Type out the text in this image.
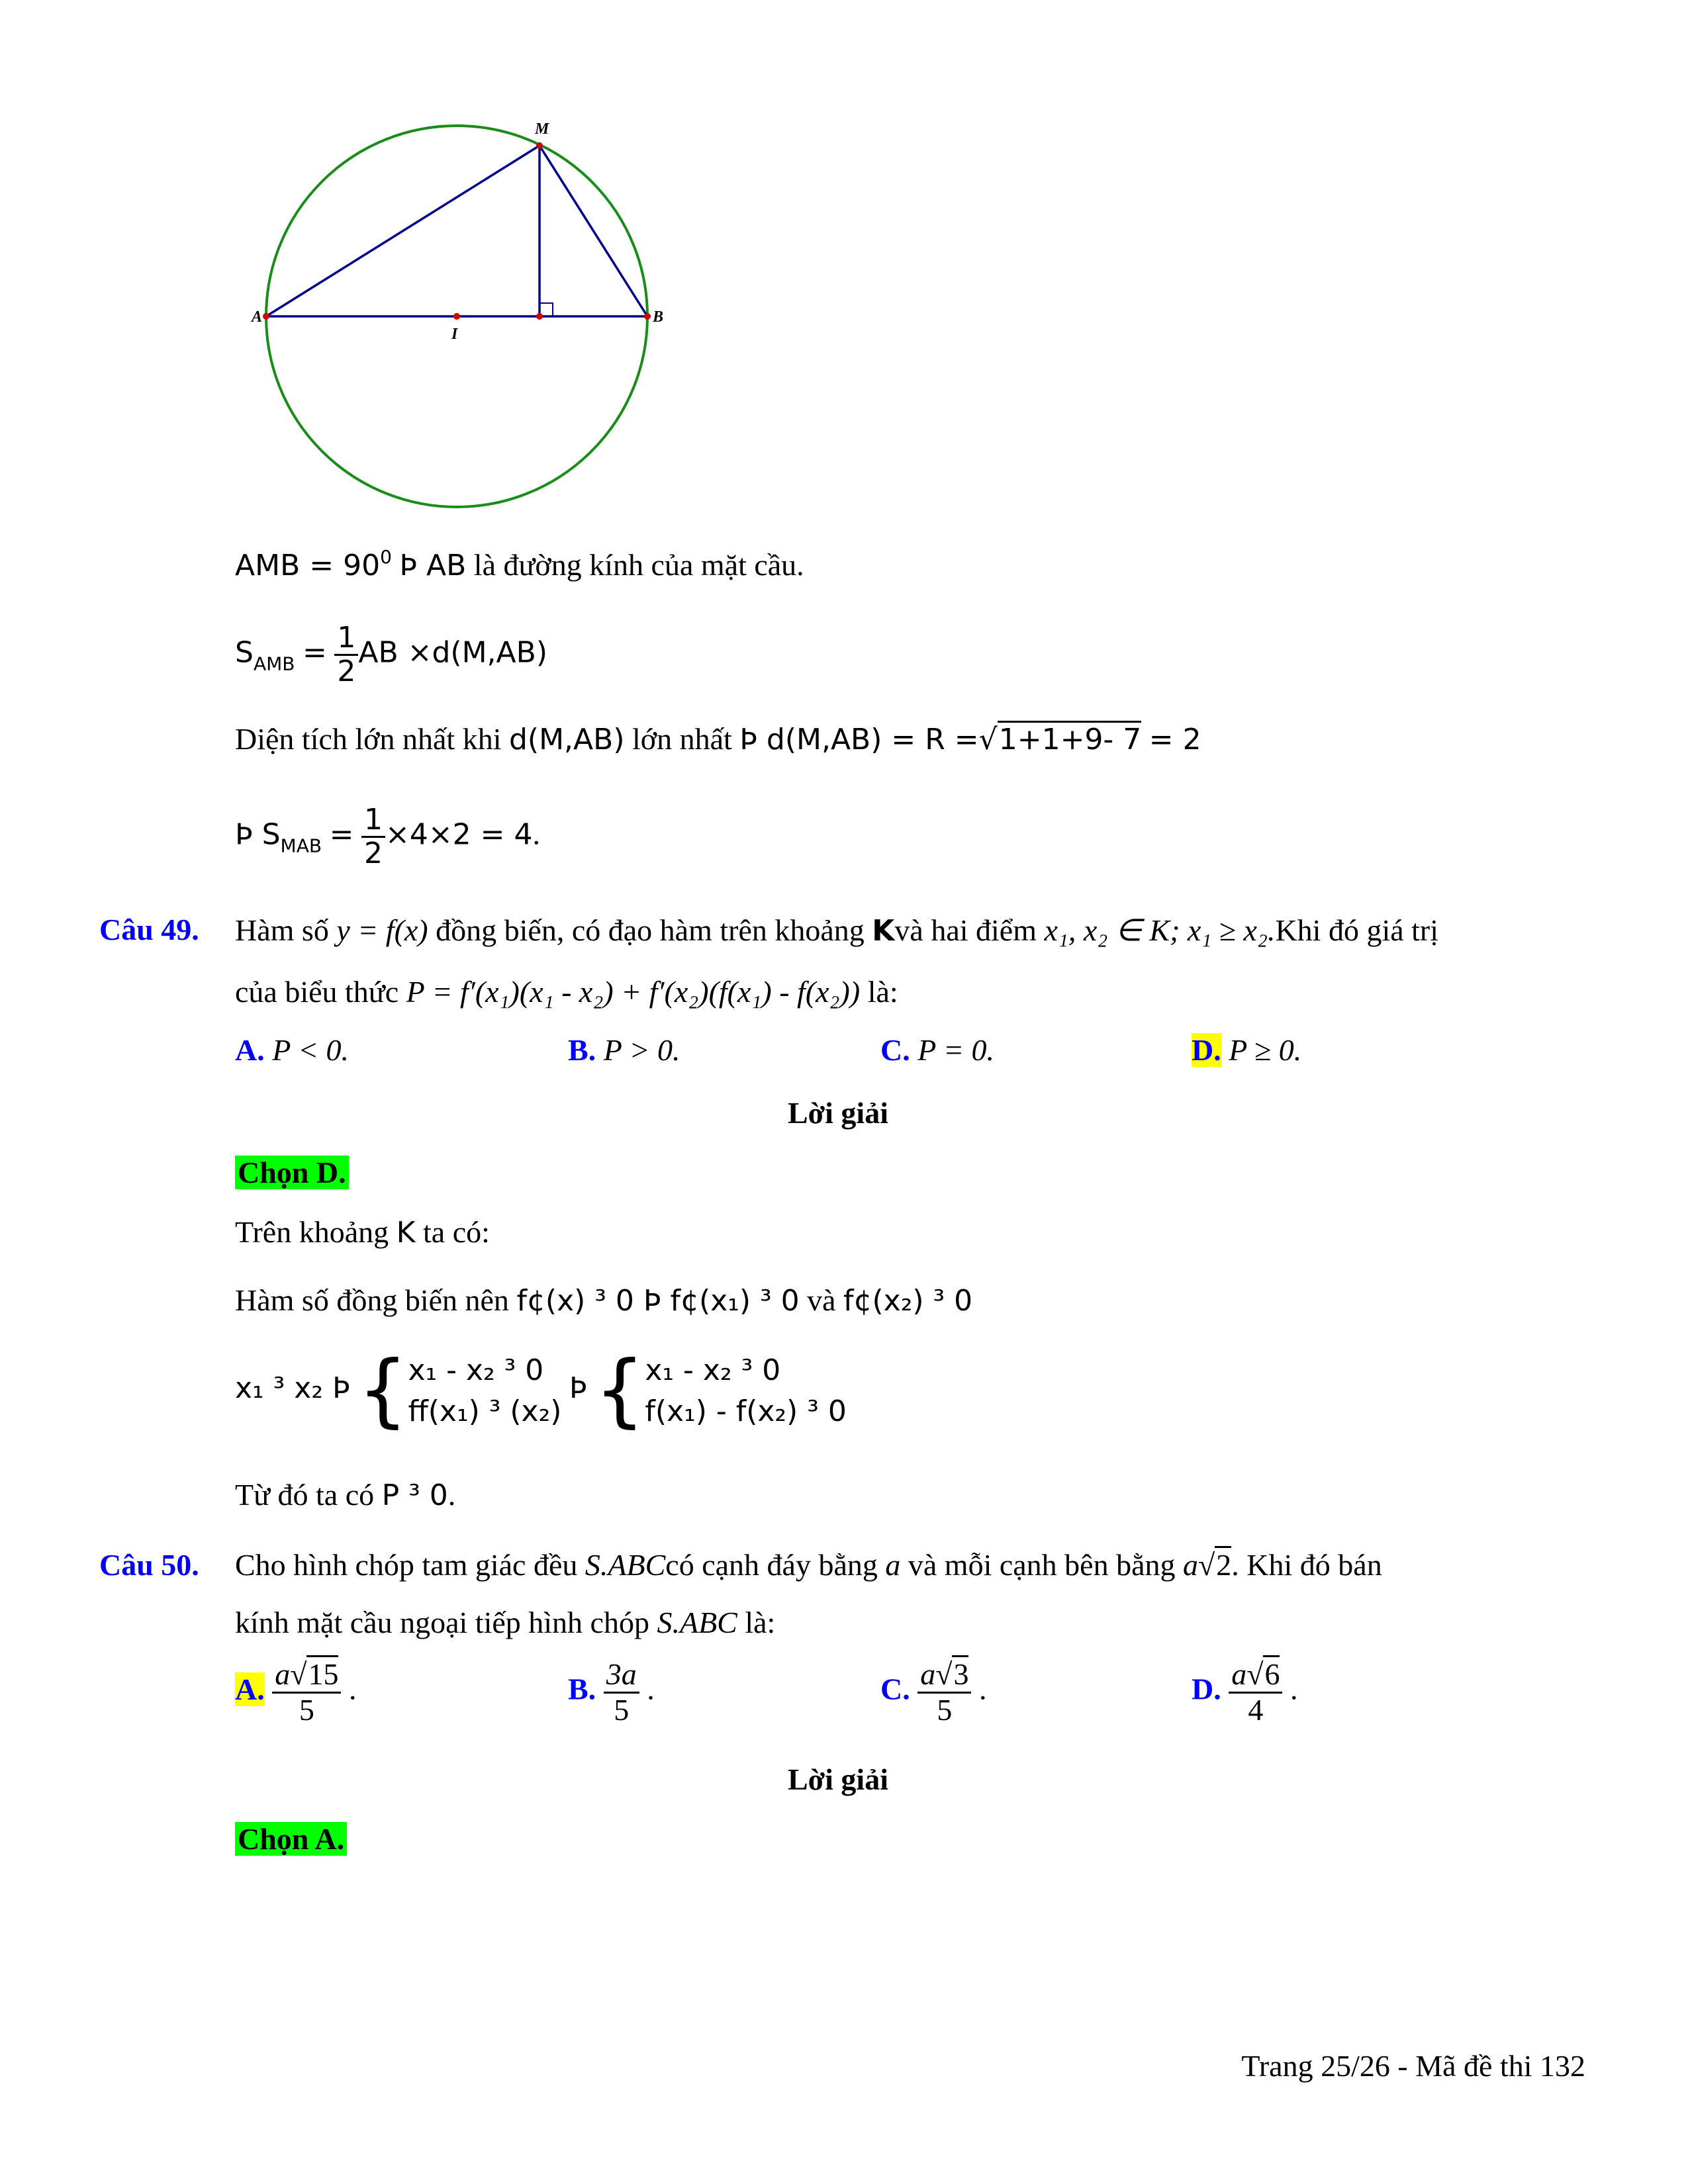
M
A	B
I
AMB = $90^0$ Þ AB là đường kính của mặt cầu.
$S_{AMB} = \frac{1}{2}$ AB ×d(M,AB)
Diện tích lớn nhất khi d(M,AB) lớn nhất Þ d(M,AB) = R =√1+1+9- 7 = 2
Þ $S_{MAB} = \frac{1}{2} \times 4\times 2 = 4$.
Câu 49. Hàm số y = f(x) đồng biến, có đạo hàm trên khoảng Kvà hai điểm x₁, x₂ ∈ K; x₁ ≥ x₂.Khi đó giá trị
của biểu thức P = f′(x₁)(x₁ - x₂) + f′(x₂)(f(x₁) - f(x₂)) là:
A. P < 0.	B. P > 0.	C. P = 0.	D. P ≥ 0.
Lời giải
Chọn D.
Trên khoảng K ta có:
Hàm số đồng biến nên f¢(x) ³ 0 Þ f¢(x₁) ³ 0 và f¢(x₂) ³ 0
x₁ ³ x₂ Þ { x₁ - x₂ ³ 0
ff(x₁) ³ (x₂)
Þ { x₁ - x₂ ³ 0
f(x₁) - f(x₂) ³ 0
Từ đó ta có P ³ 0.
Câu 50. Cho hình chóp tam giác đều S.ABCcó cạnh đáy bằng a và mỗi cạnh bên bằng a√2. Khi đó bán
kính mặt cầu ngoại tiếp hình chóp S.ABC là:
A. $\frac{a√15}{5}$ .	B. $\frac{3a}{5}$ .	C. $\frac{a√3}{5}$ .	D. $\frac{a√6}{4}$ .
Lời giải
Chọn A.
Trang 25/26 - Mã đề thi 132
